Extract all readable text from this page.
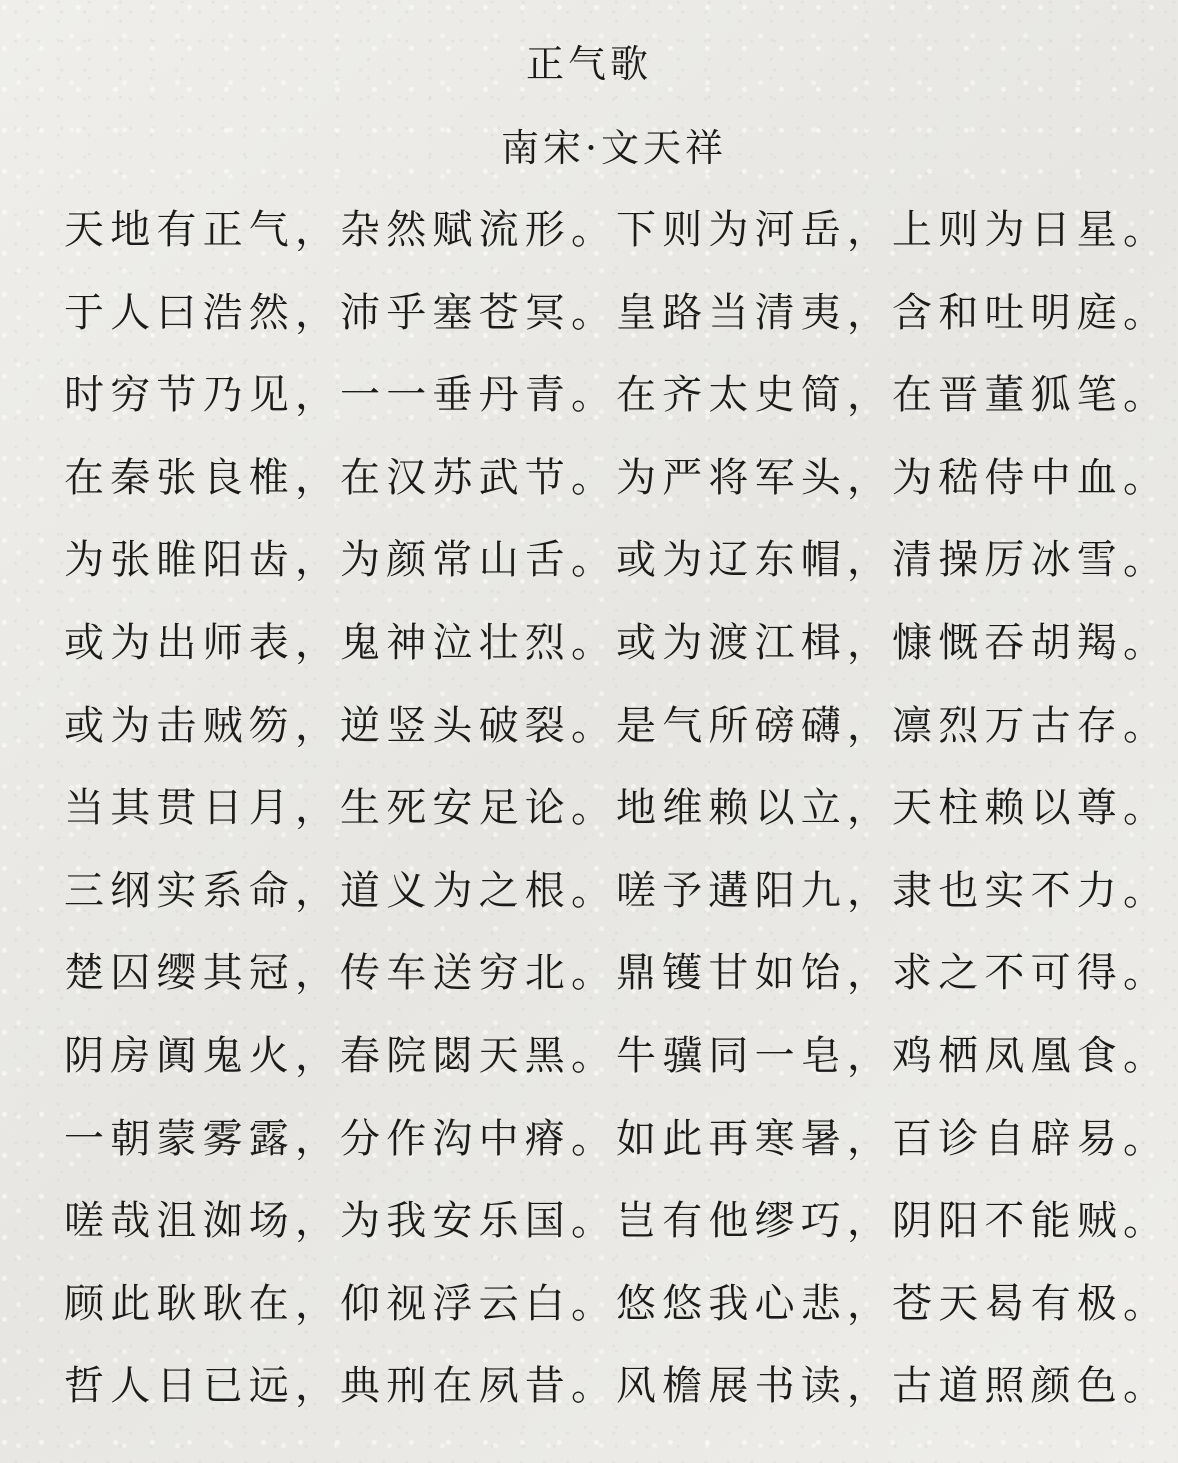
正气歌
南宋·文天祥
天地有正气，
杂然赋流形。
下则为河岳，
上则为日星。
于人曰浩然，
沛乎塞苍冥。
皇路当清夷，
含和吐明庭。
时穷节乃见，
一一垂丹青。
在齐太史简，
在晋董狐笔。
在秦张良椎，
在汉苏武节。
为严将军头，
为嵇侍中血。
为张睢阳齿，
为颜常山舌。
或为辽东帽，
清操厉冰雪。
或为出师表，
鬼神泣壮烈。
或为渡江楫，
慷慨吞胡羯。
或为击贼笏，
逆竖头破裂。
是气所磅礴，
凛烈万古存。
当其贯日月，
生死安足论。
地维赖以立，
天柱赖以尊。
三纲实系命，
道义为之根。
嗟予遘阳九，
隶也实不力。
楚囚缨其冠，
传车送穷北。
鼎镬甘如饴，
求之不可得。
阴房阗鬼火，
春院閟天黑。
牛骥同一皂，
鸡栖凤凰食。
一朝蒙雾露，
分作沟中瘠。
如此再寒暑，
百诊自辟易。
嗟哉沮洳场，
为我安乐国。
岂有他缪巧，
阴阳不能贼。
顾此耿耿在，
仰视浮云白。
悠悠我心悲，
苍天曷有极。
哲人日已远，
典刑在夙昔。
风檐展书读，
古道照颜色。
